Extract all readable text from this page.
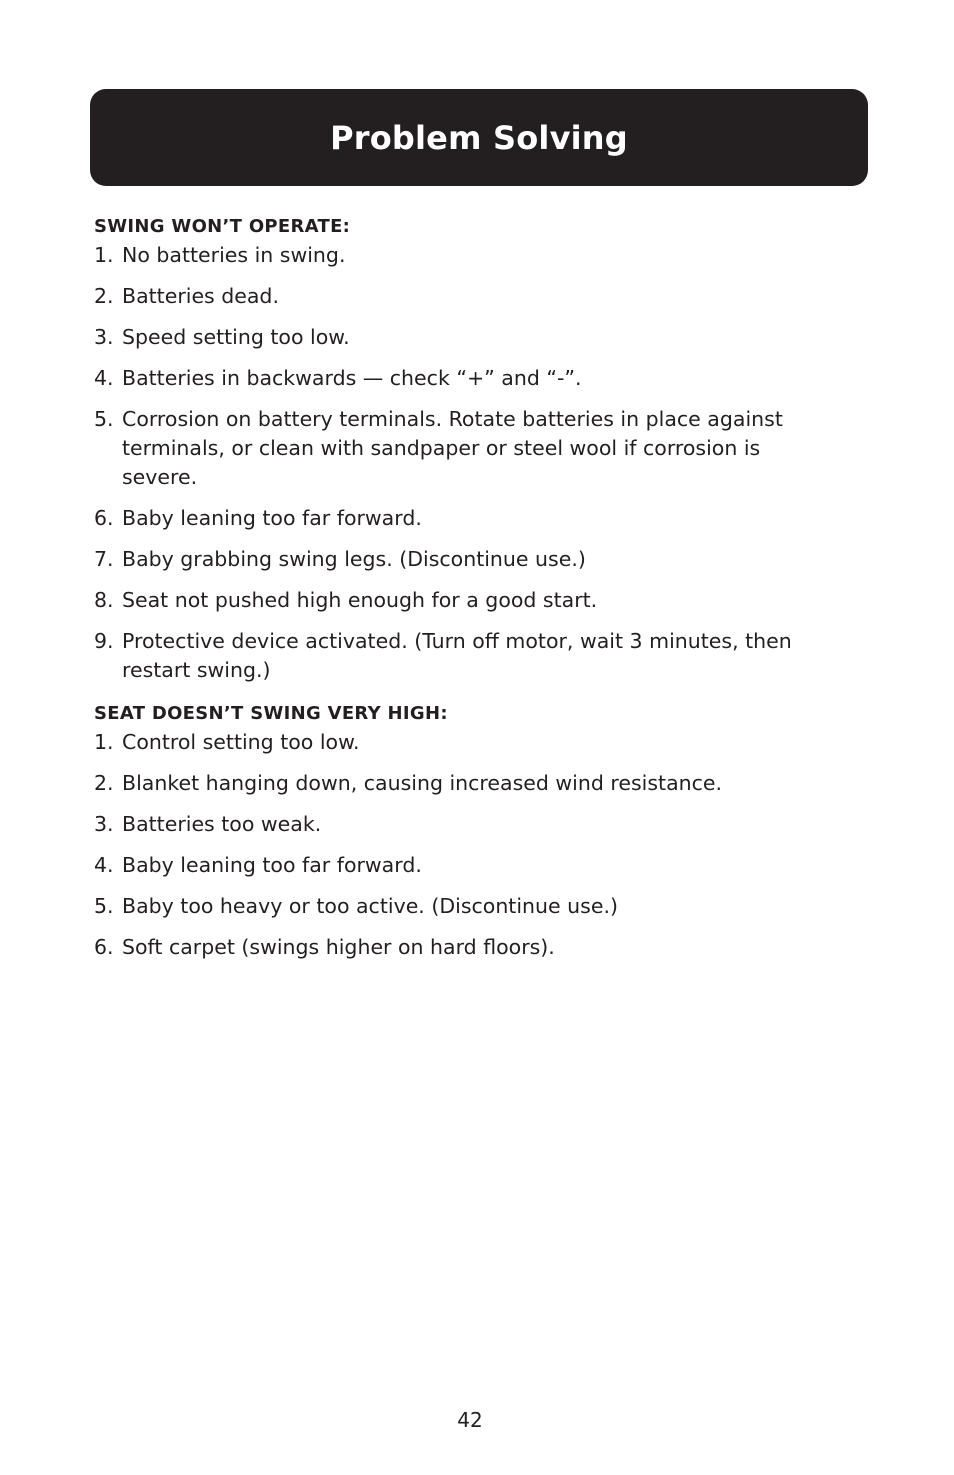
Problem Solving
SWING WON’T OPERATE:
1. No batteries in swing.
2. Batteries dead.
3. Speed setting too low.
4. Batteries in backwards — check “+” and “-”.
5. Corrosion on battery terminals. Rotate batteries in place against terminals, or clean with sandpaper or steel wool if corrosion is severe.
6. Baby leaning too far forward.
7. Baby grabbing swing legs. (Discontinue use.)
8. Seat not pushed high enough for a good start.
9. Protective device activated. (Turn off motor, wait 3 minutes, then restart swing.)
SEAT DOESN’T SWING VERY HIGH:
1. Control setting too low.
2. Blanket hanging down, causing increased wind resistance.
3. Batteries too weak.
4. Baby leaning too far forward.
5. Baby too heavy or too active. (Discontinue use.)
6. Soft carpet (swings higher on hard floors).
42
